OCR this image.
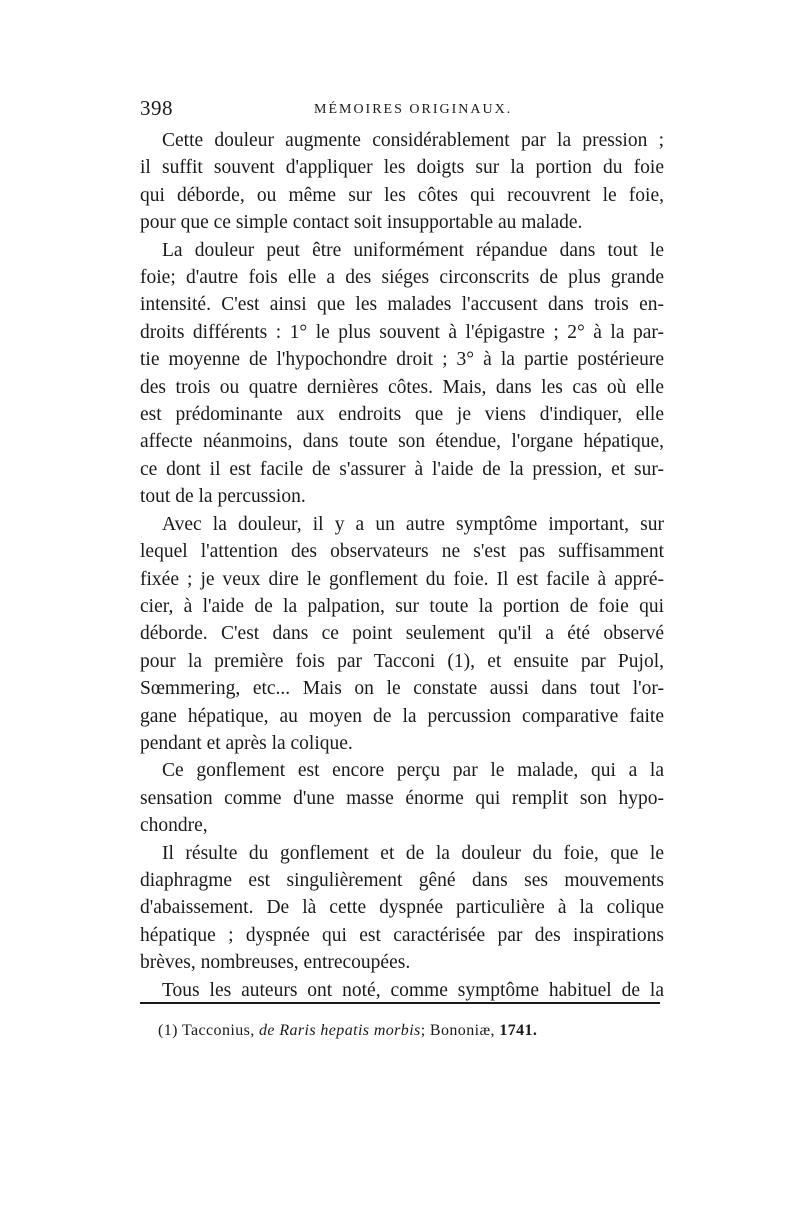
398	MÉMOIRES ORIGINAUX.

Cette douleur augmente considérablement par la pression ;
il suffit souvent d'appliquer les doigts sur la portion du foie
qui déborde, ou même sur les côtes qui recouvrent le foie,
pour que ce simple contact soit insupportable au malade.

La douleur peut être uniformément répandue dans tout le
foie; d'autre fois elle a des siéges circonscrits de plus grande
intensité. C'est ainsi que les malades l'accusent dans trois en-
droits différents : 1° le plus souvent à l'épigastre ; 2° à la par-
tie moyenne de l'hypochondre droit ; 3° à la partie postérieure
des trois ou quatre dernières côtes. Mais, dans les cas où elle
est prédominante aux endroits que je viens d'indiquer, elle
affecte néanmoins, dans toute son étendue, l'organe hépatique,
ce dont il est facile de s'assurer à l'aide de la pression, et sur-
tout de la percussion.

Avec la douleur, il y a un autre symptôme important, sur
lequel l'attention des observateurs ne s'est pas suffisamment
fixée ; je veux dire le gonflement du foie. Il est facile à appré-
cier, à l'aide de la palpation, sur toute la portion de foie qui
déborde. C'est dans ce point seulement qu'il a été observé
pour la première fois par Tacconi (1), et ensuite par Pujol,
Sœmmering, etc... Mais on le constate aussi dans tout l'or-
gane hépatique, au moyen de la percussion comparative faite
pendant et après la colique.

Ce gonflement est encore perçu par le malade, qui a la
sensation comme d'une masse énorme qui remplit son hypo-
chondre,

Il résulte du gonflement et de la douleur du foie, que le
diaphragme est singulièrement gêné dans ses mouvements
d'abaissement. De là cette dyspnée particulière à la colique
hépatique ; dyspnée qui est caractérisée par des inspirations
brèves, nombreuses, entrecoupées.

Tous les auteurs ont noté, comme symptôme habituel de la

(1) Tacconius, de Raris hepatis morbis; Bononiæ, 1741.
